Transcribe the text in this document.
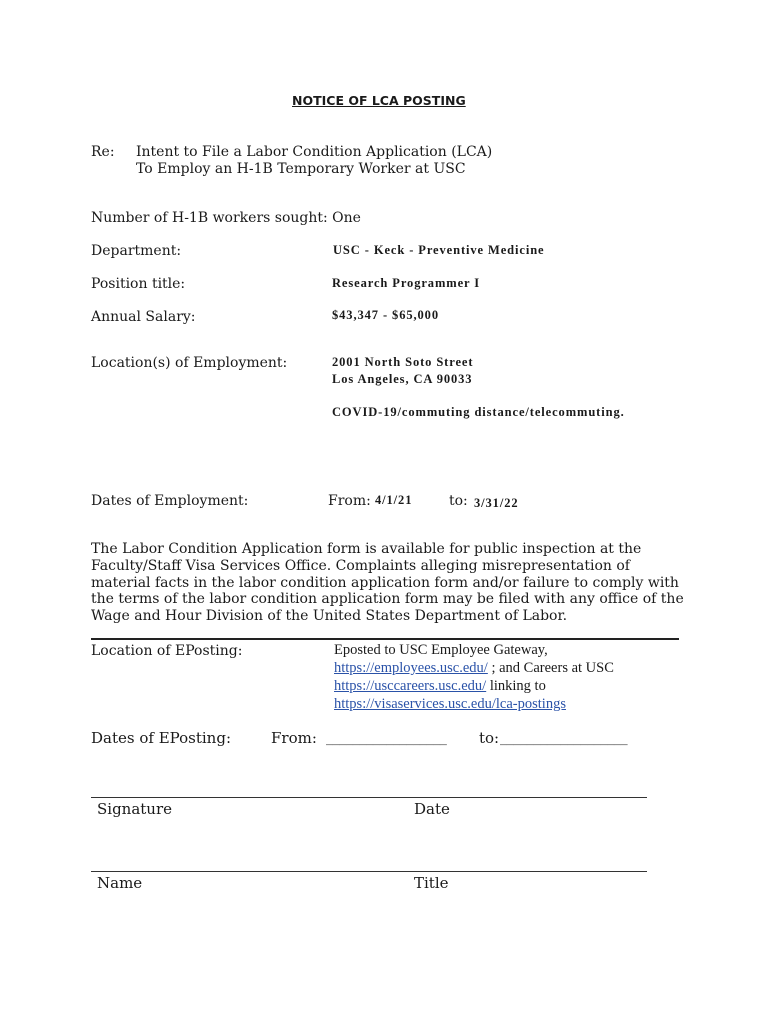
NOTICE OF LCA POSTING
Re: Intent to File a Labor Condition Application (LCA)
To Employ an H-1B Temporary Worker at USC
Number of H-1B workers sought: One
Department:	USC - Keck - Preventive Medicine
Position title:	Research Programmer I
Annual Salary:	$43,347 - $65,000
Location(s) of Employment:	2001 North Soto Street
Los Angeles, CA 90033
COVID-19/commuting distance/telecommuting.
Dates of Employment:	From: 4/1/21	to: 3/31/22
The Labor Condition Application form is available for public inspection at the Faculty/Staff Visa Services Office. Complaints alleging misrepresentation of material facts in the labor condition application form and/or failure to comply with the terms of the labor condition application form may be filed with any office of the Wage and Hour Division of the United States Department of Labor.
Location of EPosting:	Eposted to USC Employee Gateway,
https://employees.usc.edu/ ; and Careers at USC
https://usccareers.usc.edu/ linking to
https://visaservices.usc.edu/lca-postings
Dates of EPosting:	From: __________________ to: ___________________
Signature	Date
Name	Title
